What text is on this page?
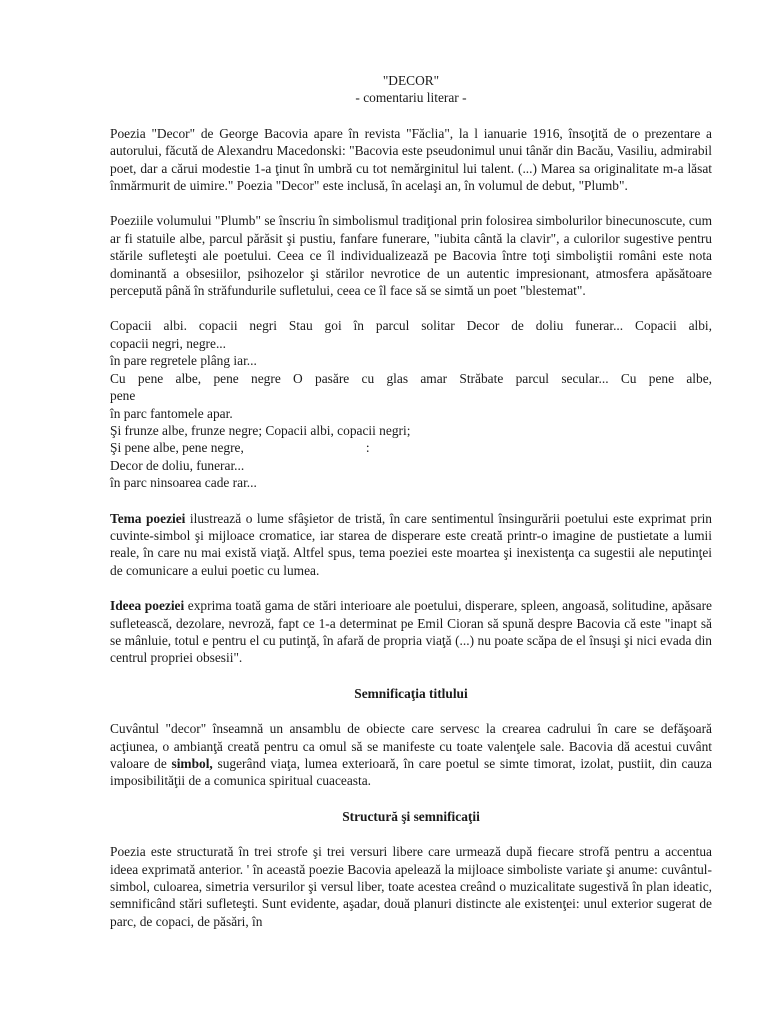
"DECOR"
- comentariu literar -

Poezia "Decor" de George Bacovia apare în revista "Făclia", la l ianuarie 1916, însoţită de o prezentare a autorului, făcută de Alexandru Macedonski: "Bacovia este pseudonimul unui tânăr din Bacău, Vasiliu, admirabil poet, dar a cărui modestie 1-a ţinut în umbră cu tot nemărginitul lui talent. (...) Marea sa originalitate m-a lăsat înmărmurit de uimire." Poezia "Decor" este inclusă, în acelaşi an, în volumul de debut, "Plumb".

Poeziile volumului "Plumb" se înscriu în simbolismul tradiţional prin folosirea simbolurilor binecunoscute, cum ar fi statuile albe, parcul părăsit şi pustiu, fanfare funerare, "iubita cântă la clavir", a culorilor sugestive pentru stările sufleteşti ale poetului. Ceea ce îl individualizează pe Bacovia între toţi simboliştii români este nota dominantă a obsesiilor, psihozelor şi stărilor nevrotice de un autentic impresionant, atmosfera apăsătoare percepută până în străfundurile sufletului, ceea ce îl face să se simtă un poet "blestemat".

Copacii albi. copacii negri Stau goi în parcul solitar Decor de doliu funerar... Copacii albi,
copacii negri, negre...
în pare regretele plâng iar...
Cu pene albe, pene negre O pasăre cu glas amar Străbate parcul secular... Cu pene albe,
pene
în parc fantomele apar.
Şi frunze albe, frunze negre; Copacii albi, copacii negri;
Şi pene albe, pene negre,	:
Decor de doliu, funerar...
în parc ninsoarea cade rar...

Tema poeziei ilustrează o lume sfâşietor de tristă, în care sentimentul însingurării poetului este exprimat prin cuvinte-simbol şi mijloace cromatice, iar starea de disperare este creată printr-o imagine de pustietate a lumii reale, în care nu mai există viaţă. Altfel spus, tema poeziei este moartea şi inexistenţa ca sugestii ale neputinţei de comunicare a eului poetic cu lumea.

Ideea poeziei exprima toată gama de stări interioare ale poetului, disperare, spleen, angoasă, solitudine, apăsare sufletească, dezolare, nevroză, fapt ce 1-a determinat pe Emil Cioran să spună despre Bacovia că este "inapt să se mânluie, totul e pentru el cu putinţă, în afară de propria viaţă (...) nu poate scăpa de el însuşi şi nici evada din centrul propriei obsesii".

Semnificaţia titlului

Cuvântul "decor" înseamnă un ansamblu de obiecte care servesc la crearea cadrului în care se defăşoară acţiunea, o ambianţă creată pentru ca omul să se manifeste cu toate valenţele sale. Bacovia dă acestui cuvânt valoare de simbol, sugerând viaţa, lumea exterioară, în care poetul se simte timorat, izolat, pustiit, din cauza imposibilităţii de a comunica spiritual cuaceasta.

Structură şi semnificaţii

Poezia este structurată în trei strofe şi trei versuri libere care urmează după fiecare strofă pentru a accentua ideea exprimată anterior. ' în această poezie Bacovia apelează la mijloace simboliste variate şi anume: cuvântul-simbol, culoarea, simetria versurilor şi versul liber, toate acestea creând o muzicalitate sugestivă în plan ideatic, semnificând stări sufleteşti. Sunt evidente, aşadar, două planuri distincte ale existenţei: unul exterior sugerat de parc, de copaci, de păsări, în
